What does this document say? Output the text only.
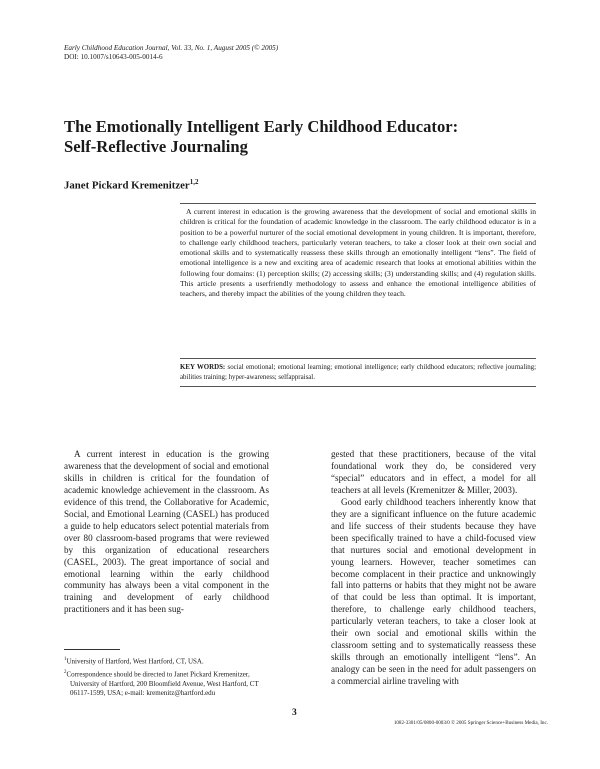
Early Childhood Education Journal, Vol. 33, No. 1, August 2005 (© 2005)
DOI: 10.1007/s10643-005-0014-6
The Emotionally Intelligent Early Childhood Educator:
Self-Reflective Journaling
Janet Pickard Kremenitzer$^{1,2}$

A current interest in education is the growing awareness that the development of social and emotional skills in children is critical for the foundation of academic knowledge in the classroom. The early childhood educator is in a position to be a powerful nurturer of the social emotional development in young children. It is important, therefore, to challenge early childhood teachers, particularly veteran teachers, to take a closer look at their own social and emotional skills and to systematically reassess these skills through an emotionally intelligent “lens”. The field of emotional intelligence is a new and exciting area of academic research that looks at emotional abilities within the following four domains: (1) perception skills; (2) accessing skills; (3) understanding skills; and (4) regulation skills. This article presents a userfriendly methodology to assess and enhance the emotional intelligence abilities of teachers, and thereby impact the abilities of the young children they teach.

KEY WORDS: social emotional; emotional learning; emotional intelligence; early childhood educators; reflective journaling; abilities training; hyper-awareness; selfappraisal.

A current interest in education is the growing awareness that the development of social and emotional skills in children is critical for the foundation of academic knowledge achievement in the classroom. As evidence of this trend, the Collaborative for Academic, Social, and Emotional Learning (CASEL) has produced a guide to help educators select potential materials from over 80 classroom-based programs that were reviewed by this organization of educational researchers (CASEL, 2003). The great importance of social and emotional learning within the early childhood community has always been a vital component in the training and development of early childhood practitioners and it has been sug-

gested that these practitioners, because of the vital foundational work they do, be considered very “special” educators and in effect, a model for all teachers at all levels (Kremenitzer & Miller, 2003).

Good early childhood teachers inherently know that they are a significant influence on the future academic and life success of their students because they have been specifically trained to have a child-focused view that nurtures social and emotional development in young learners. However, teacher sometimes can become complacent in their practice and unknowingly fall into patterns or habits that they might not be aware of that could be less than optimal. It is important, therefore, to challenge early childhood teachers, particularly veteran teachers, to take a closer look at their own social and emotional skills within the classroom setting and to systematically reassess these skills through an emotionally intelligent “lens”. An analogy can be seen in the need for adult passengers on a commercial airline traveling with

$^1$University of Hartford, West Hartford, CT, USA.

$^2$Correspondence should be directed to Janet Pickard Kremenitzer, University of Hartford, 200 Bloomfield Avenue, West Hartford, CT 06117-1599, USA; e-mail: kremenitz@hartford.edu

3
1082-3301/05/0800-0003/0 © 2005 Springer Science+Business Media, Inc.
